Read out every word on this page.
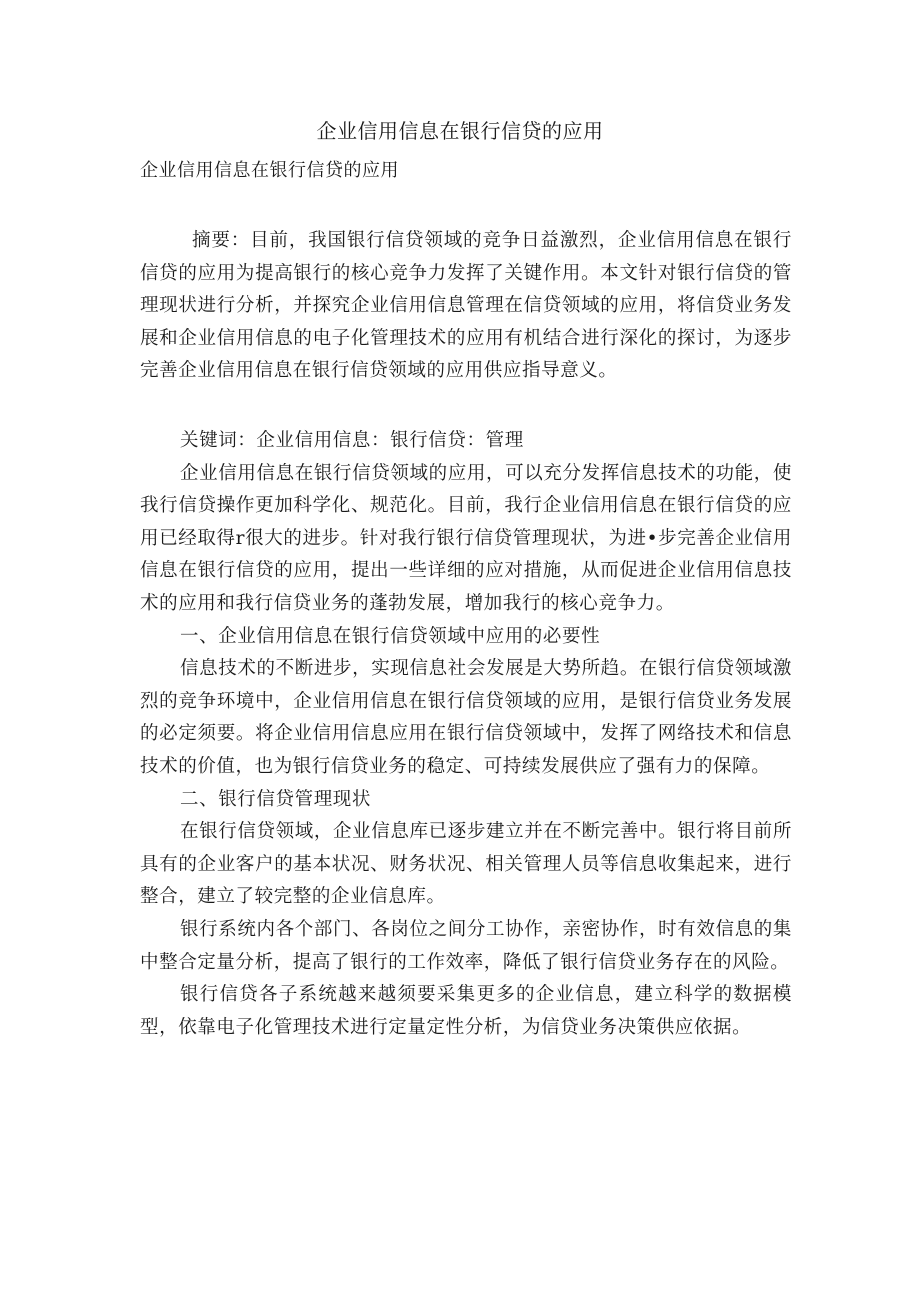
企业信用信息在银行信贷的应用
企业信用信息在银行信贷的应用

摘要：目前，我国银行信贷领域的竞争日益激烈，企业信用信息在银行信贷的应用为提高银行的核心竞争力发挥了关键作用。本文针对银行信贷的管理现状进行分析，并探究企业信用信息管理在信贷领域的应用，将信贷业务发展和企业信用信息的电子化管理技术的应用有机结合进行深化的探讨，为逐步完善企业信用信息在银行信贷领域的应用供应指导意义。

关键词：企业信用信息：银行信贷：管理

企业信用信息在银行信贷领域的应用，可以充分发挥信息技术的功能，使我行信贷操作更加科学化、规范化。目前，我行企业信用信息在银行信贷的应用已经取得r很大的进步。针对我行银行信贷管理现状，为进•步完善企业信用信息在银行信贷的应用，提出一些详细的应对措施，从而促进企业信用信息技术的应用和我行信贷业务的蓬勃发展，增加我行的核心竞争力。

一、企业信用信息在银行信贷领域中应用的必要性

信息技术的不断进步，实现信息社会发展是大势所趋。在银行信贷领域激烈的竞争环境中，企业信用信息在银行信贷领域的应用，是银行信贷业务发展的必定须要。将企业信用信息应用在银行信贷领域中，发挥了网络技术和信息技术的价值，也为银行信贷业务的稳定、可持续发展供应了强有力的保障。

二、银行信贷管理现状

在银行信贷领域，企业信息库已逐步建立并在不断完善中。银行将目前所具有的企业客户的基本状况、财务状况、相关管理人员等信息收集起来，进行整合，建立了较完整的企业信息库。

银行系统内各个部门、各岗位之间分工协作，亲密协作，时有效信息的集中整合定量分析，提高了银行的工作效率，降低了银行信贷业务存在的风险。

银行信贷各子系统越来越须要采集更多的企业信息，建立科学的数据模型，依靠电子化管理技术进行定量定性分析，为信贷业务决策供应依据。
